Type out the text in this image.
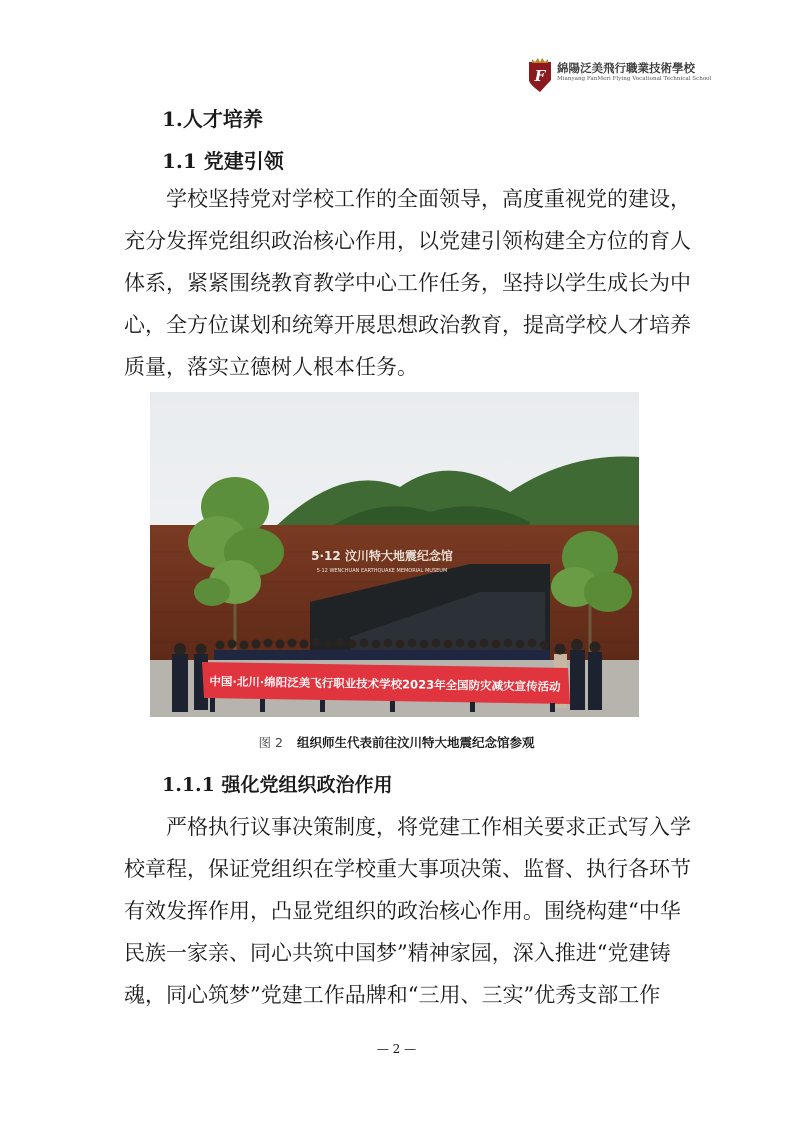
F 綿陽泛美飛行職業技術學校
Mianyang FanMeri Flying Vocational Technical School
1.人才培养
1.1 党建引领
学校坚持党对学校工作的全面领导，高度重视党的建设，
充分发挥党组织政治核心作用，以党建引领构建全方位的育人
体系，紧紧围绕教育教学中心工作任务，坚持以学生成长为中
心，全方位谋划和统筹开展思想政治教育，提高学校人才培养
质量，落实立德树人根本任务。
5·12 汶川特大地震纪念馆
5·12 WENCHUAN EARTHQUAKE MEMORIAL MUSEUM
中国·北川·绵阳泛美飞行职业技术学校2023年全国防灾减灾宣传活动
图 2 组织师生代表前往汶川特大地震纪念馆参观
1.1.1 强化党组织政治作用
严格执行议事决策制度，将党建工作相关要求正式写入学
校章程，保证党组织在学校重大事项决策、监督、执行各环节
有效发挥作用，凸显党组织的政治核心作用。围绕构建“中华
民族一家亲、同心共筑中国梦”精神家园，深入推进“党建铸
魂，同心筑梦”党建工作品牌和“三用、三实”优秀支部工作
— 2 —
